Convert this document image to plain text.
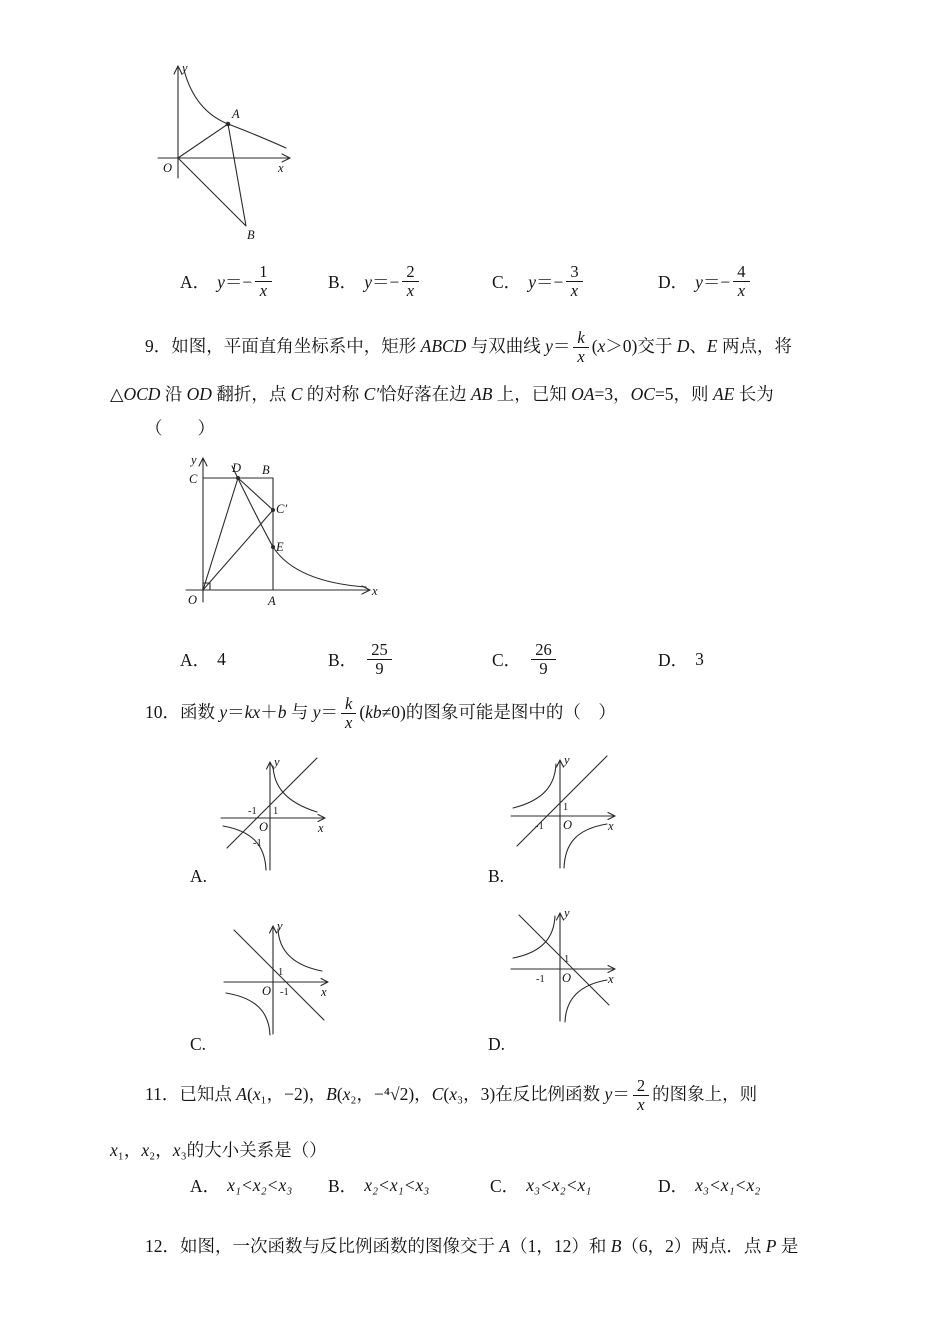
y
x
O
A
B
A． $y=- \frac{1}{x}$	B． $y=- \frac{2}{x}$	C． $y=- \frac{3}{x}$	D． $y=- \frac{4}{x}$
9．如图，平面直角坐标系中，矩形 ABCD 与双曲线 $y= \frac{k}{x} (x>0)$ 交于 D、E 两点，将
△OCD 沿 OD 翻折，点 C 的对称 C′恰好落在边 AB 上，已知 OA=3，OC=5，则 AE 长为
（　　）
y
C
D B
C′
E
O	A
x
A． 4	B． $\frac{25}{9}$	C． $\frac{26}{9}$	D． 3
10．函数 y＝kx＋b 与 $y= \frac{k}{x} (kb\ne 0)$ 的图象可能是图中的（　）
y
x
O
1
-1
-1
A.
y
x
O
1
-1
B.
y
x
O
1
-1
C.
y
x
O
1
-1
D.
11．已知点 A(x₁，−2)，B(x₂，−⁴√2)，C(x₃，3)在反比例函数 $y= \frac{2}{x}$ 的图象上，则
x₁，x₂，x₃的大小关系是（）
A． x₁<x₂<x₃ B． x₂<x₁<x₃	C． x₃<x₂<x₁	D． x₃<x₁<x₂
12．如图，一次函数与反比例函数的图像交于 A（1，12）和 B（6，2）两点．点 P 是
